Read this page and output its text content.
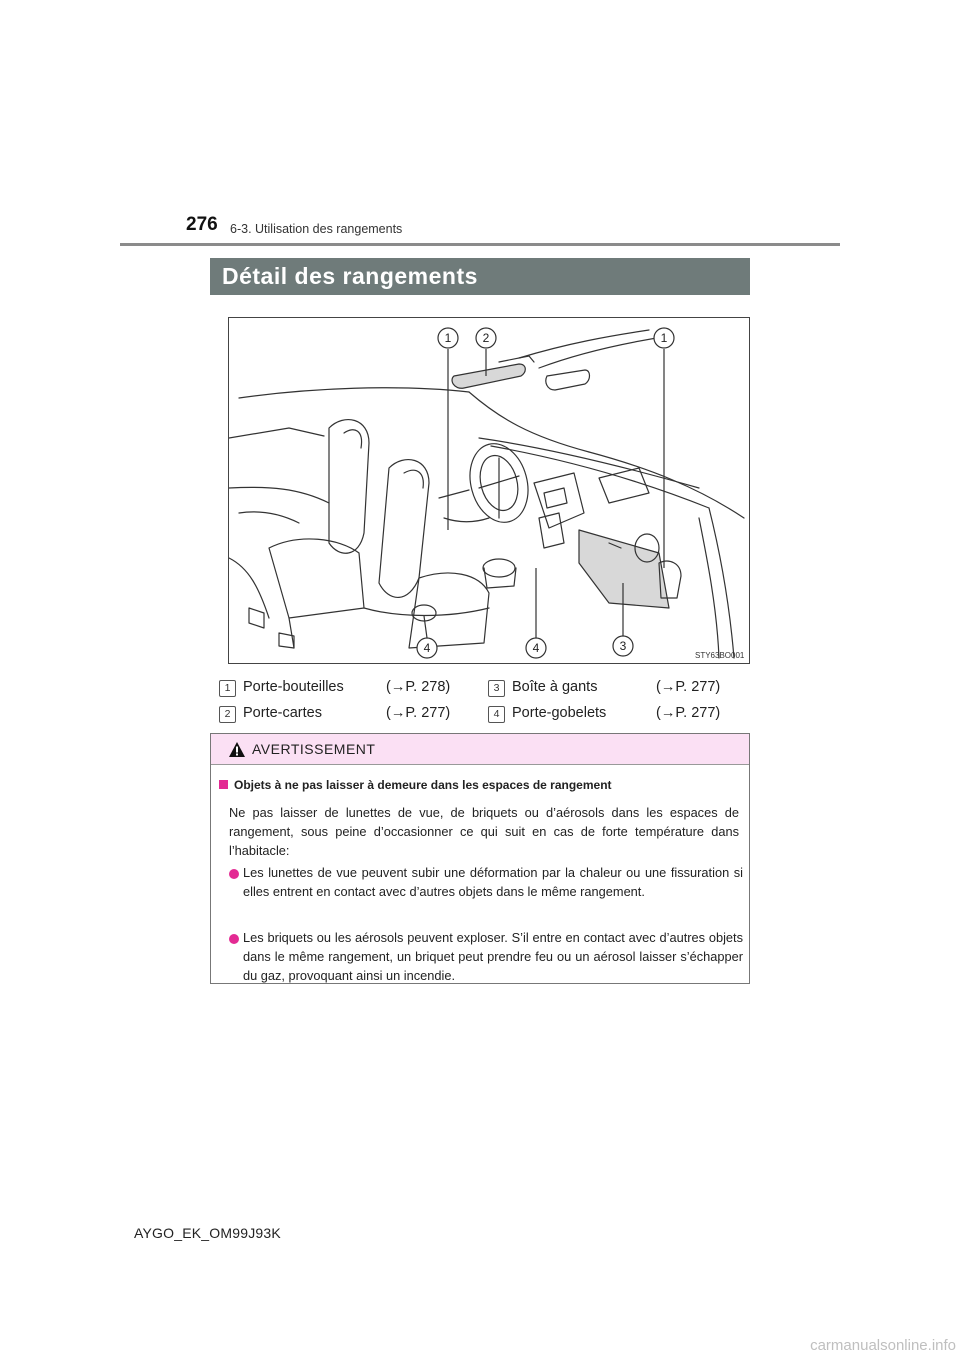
276 6-3. Utilisation des rangements
Détail des rangements
1	2	1
4	4	3
STY63BO001
1 Porte-bouteilles	(→P. 278)
2 Porte-cartes	(→P. 277)
3 Boîte à gants	(→P. 277)
4 Porte-gobelets	(→P. 277)
AVERTISSEMENT
Objets à ne pas laisser à demeure dans les espaces de rangement
Ne pas laisser de lunettes de vue, de briquets ou d’aérosols dans les espaces de rangement, sous peine d’occasionner ce qui suit en cas de forte température dans l’habitacle:
Les lunettes de vue peuvent subir une déformation par la chaleur ou une fissuration si elles entrent en contact avec d’autres objets dans le même rangement.
Les briquets ou les aérosols peuvent exploser. S’il entre en contact avec d’autres objets dans le même rangement, un briquet peut prendre feu ou un aérosol laisser s’échapper du gaz, provoquant ainsi un incendie.
AYGO_EK_OM99J93K
carmanualsonline.info
